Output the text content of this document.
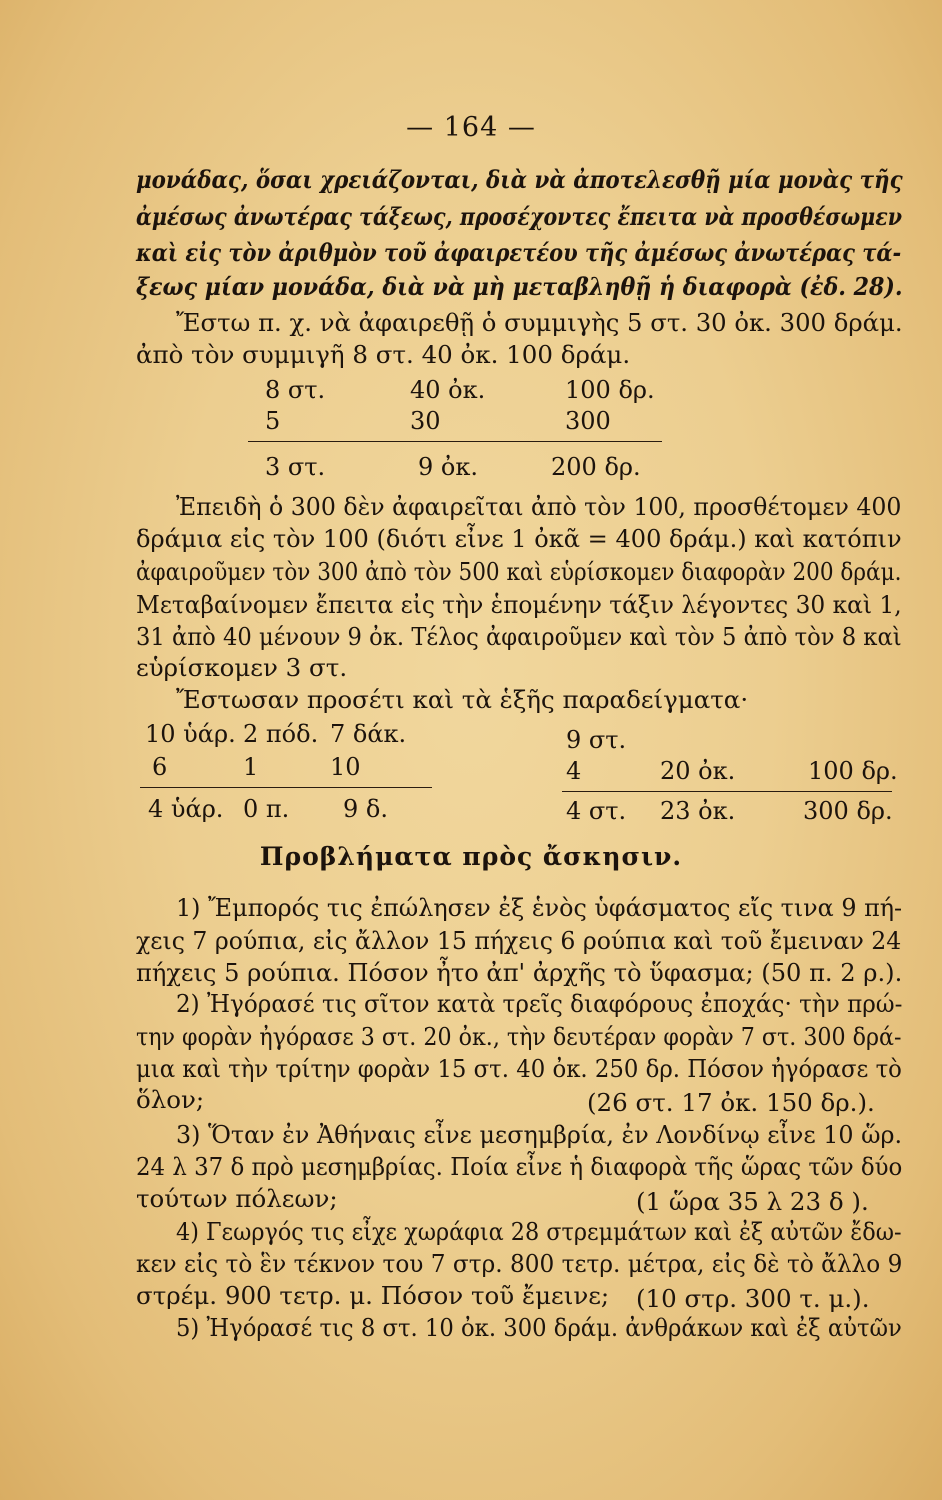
— 164 —
μονάδας, ὅσαι χρειάζονται, διὰ νὰ ἀποτελεσθῇ μία μονὰς τῆς
ἀμέσως ἀνωτέρας τάξεως, προσέχοντες ἔπειτα νὰ προσθέσωμεν
καὶ εἰς τὸν ἀριθμὸν τοῦ ἀφαιρετέου τῆς ἀμέσως ἀνωτέρας τά-
ξεως μίαν μονάδα, διὰ νὰ μὴ μεταβληθῇ ἡ διαφορὰ (ἐδ. 28).
Ἔστω π. χ. νὰ ἀφαιρεθῇ ὁ συμμιγὴς 5 στ. 30 ὀκ. 300 δράμ.
ἀπὸ τὸν συμμιγῆ 8 στ. 40 ὀκ. 100 δράμ.
8 στ.	40 ὀκ.	100 δρ.
5	30	300
3 στ.	9 ὀκ.	200 δρ.
Ἐπειδὴ ὁ 300 δὲν ἀφαιρεῖται ἀπὸ τὸν 100, προσθέτομεν 400
δράμια εἰς τὸν 100 (διότι εἶνε 1 ὀκᾶ = 400 δράμ.) καὶ κατόπιν
ἀφαιροῦμεν τὸν 300 ἀπὸ τὸν 500 καὶ εὑρίσκομεν διαφορὰν 200 δράμ.
Μεταβαίνομεν ἔπειτα εἰς τὴν ἑπομένην τάξιν λέγοντες 30 καὶ 1,
31 ἀπὸ 40 μένουν 9 ὀκ. Τέλος ἀφαιροῦμεν καὶ τὸν 5 ἀπὸ τὸν 8 καὶ
εὑρίσκομεν 3 στ.
Ἔστωσαν προσέτι καὶ τὰ ἑξῆς παραδείγματα·
10 ὑάρ. 2 πόδ. 7 δάκ.
6	1	10
4 ὑάρ. 0 π. 9 δ.
9 στ.
4	20 ὀκ.	100 δρ.
4 στ. 23 ὀκ.	300 δρ.
Προβλήματα πρὸς ἄσκησιν.
1) Ἔμπορός τις ἐπώλησεν ἐξ ἑνὸς ὑφάσματος εἴς τινα 9 πή-
χεις 7 ρούπια, εἰς ἄλλον 15 πήχεις 6 ρούπια καὶ τοῦ ἔμειναν 24
πήχεις 5 ρούπια. Πόσον ἦτο ἀπ' ἀρχῆς τὸ ὕφασμα; (50 π. 2 ρ.).
2) Ἠγόρασέ τις σῖτον κατὰ τρεῖς διαφόρους ἐποχάς· τὴν πρώ-
την φορὰν ἠγόρασε 3 στ. 20 ὀκ., τὴν δευτέραν φορὰν 7 στ. 300 δρά-
μια καὶ τὴν τρίτην φορὰν 15 στ. 40 ὀκ. 250 δρ. Πόσον ἠγόρασε τὸ
ὅλον;	(26 στ. 17 ὀκ. 150 δρ.).
3) Ὅταν ἐν Ἀθήναις εἶνε μεσημβρία, ἐν Λονδίνῳ εἶνε 10 ὥρ.
24 λ 37 δ πρὸ μεσημβρίας. Ποία εἶνε ἡ διαφορὰ τῆς ὥρας τῶν δύο
τούτων πόλεων;	(1 ὥρα 35 λ 23 δ ).
4) Γεωργός τις εἶχε χωράφια 28 στρεμμάτων καὶ ἐξ αὐτῶν ἔδω-
κεν εἰς τὸ ἓν τέκνον του 7 στρ. 800 τετρ. μέτρα, εἰς δὲ τὸ ἄλλο 9
στρέμ. 900 τετρ. μ. Πόσον τοῦ ἔμεινε; (10 στρ. 300 τ. μ.).
5) Ἠγόρασέ τις 8 στ. 10 ὀκ. 300 δράμ. ἀνθράκων καὶ ἐξ αὐτῶν
